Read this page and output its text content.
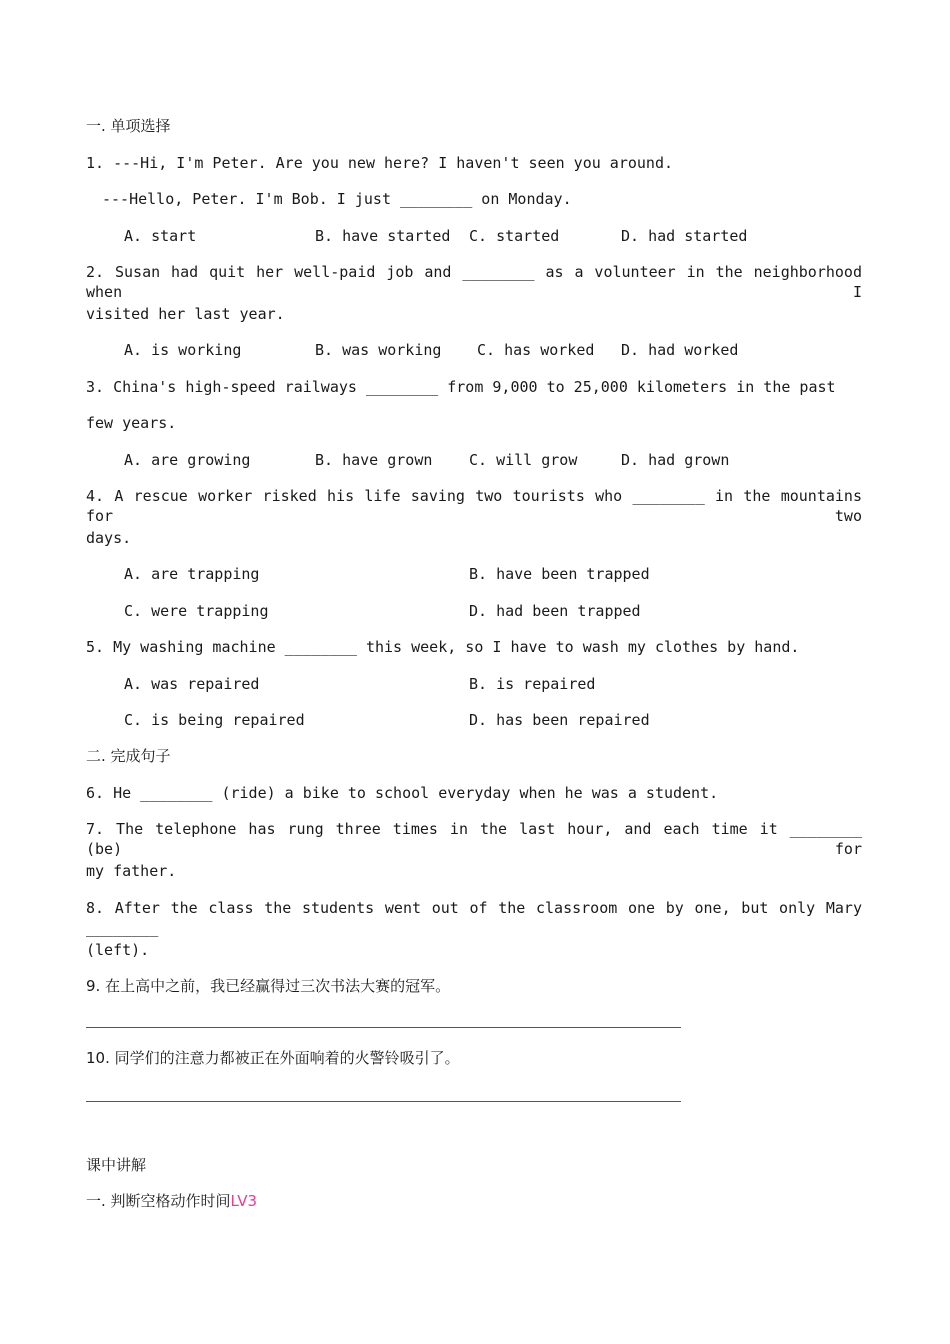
一. 单项选择
1. ---Hi, I'm Peter. Are you new here? I haven't seen you around.
---Hello, Peter. I'm Bob. I just ________ on Monday.
A. start	B. have started C. started	D. had started
2. Susan had quit her well-paid job and ________ as a volunteer in the neighborhood when I
visited her last year.
A. is working	B. was working C. has worked D. had worked
3. China's high-speed railways ________ from 9,000 to 25,000 kilometers in the past
few years.
A. are growing	B. have grown C. will grow	D. had grown
4. A rescue worker risked his life saving two tourists who ________ in the mountains for two
days.
A. are trapping	B. have been trapped
C. were trapping	D. had been trapped
5. My washing machine ________ this week, so I have to wash my clothes by hand.
A. was repaired	B. is repaired
C. is being repaired	D. has been repaired
二. 完成句子
6. He ________ (ride) a bike to school everyday when he was a student.
7. The telephone has rung three times in the last hour, and each time it ________ (be) for
my father.
8. After the class the students went out of the classroom one by one, but only Mary ________
(left).
9. 在上高中之前，我已经赢得过三次书法大赛的冠军。
10. 同学们的注意力都被正在外面响着的火警铃吸引了。
课中讲解
一. 判断空格动作时间LV3
